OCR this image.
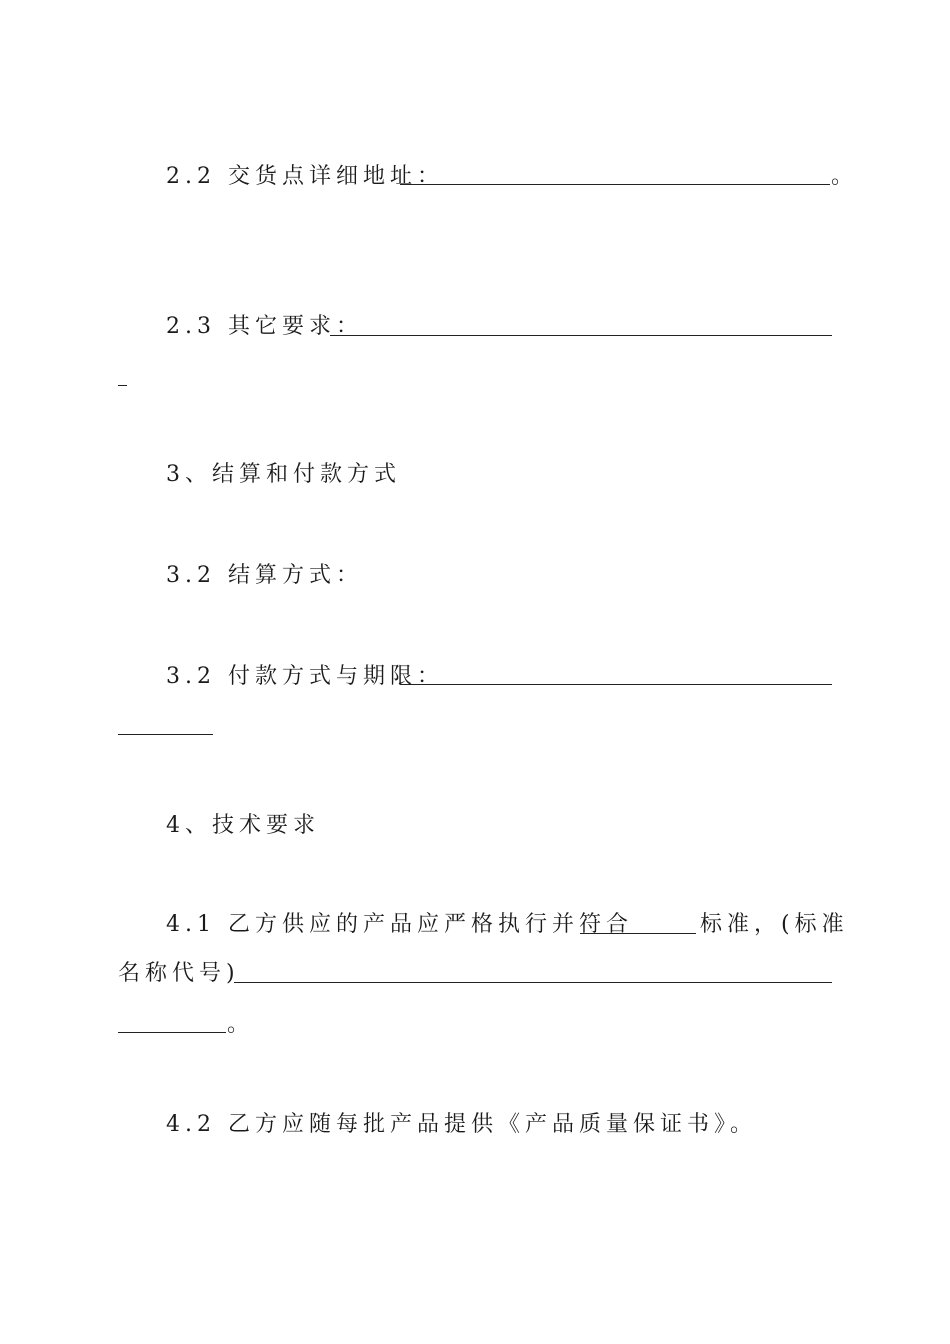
2.2 交货点详细地址：	。
2.3 其它要求：
3、结算和付款方式
3.2 结算方式：
3.2 付款方式与期限：
4、技术要求
4.1 乙方供应的产品应严格执行并符合	标准，(标准
名称代号)
。
4.2 乙方应随每批产品提供《产品质量保证书》。
